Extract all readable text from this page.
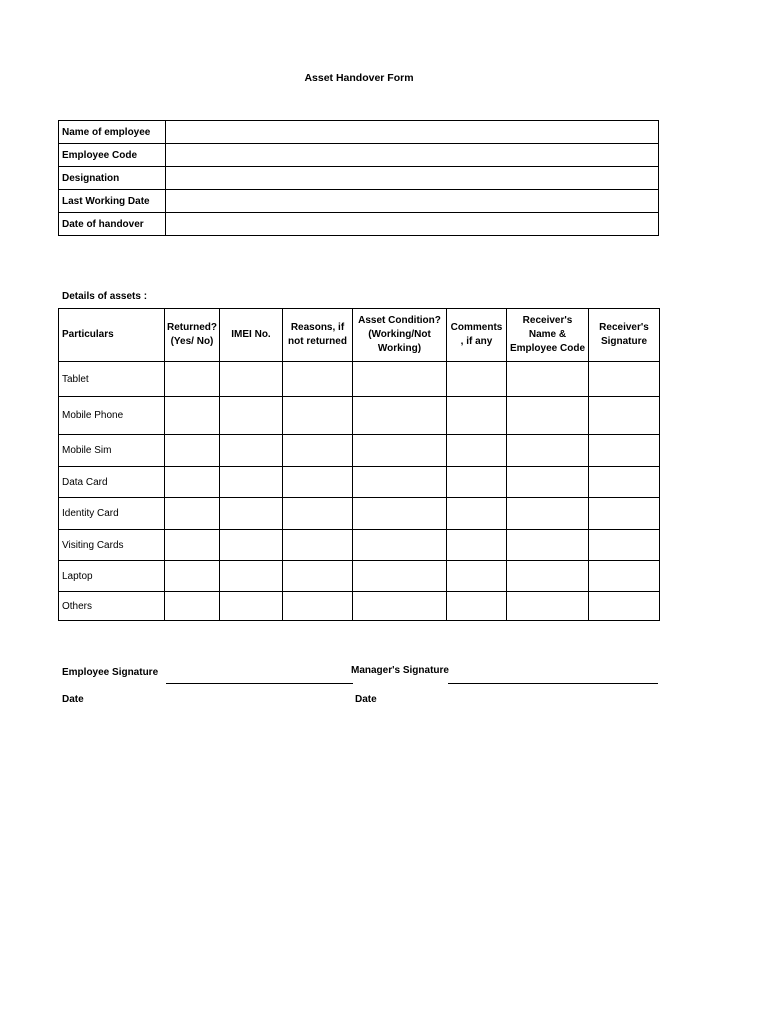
Asset Handover Form
Name of employee	
Employee Code	
Designation	
Last Working Date	
Date of handover	
Details of assets :
Particulars	Returned? (Yes/ No)	IMEI No.	Reasons, if not returned	Asset Condition? (Working/Not Working)	Comments , if any	Receiver's Name & Employee Code	Receiver's Signature
Tablet							
Mobile Phone							
Mobile Sim							
Data Card							
Identity Card							
Visiting Cards							
Laptop							
Others							
Employee Signature	Manager's Signature
Date	Date
